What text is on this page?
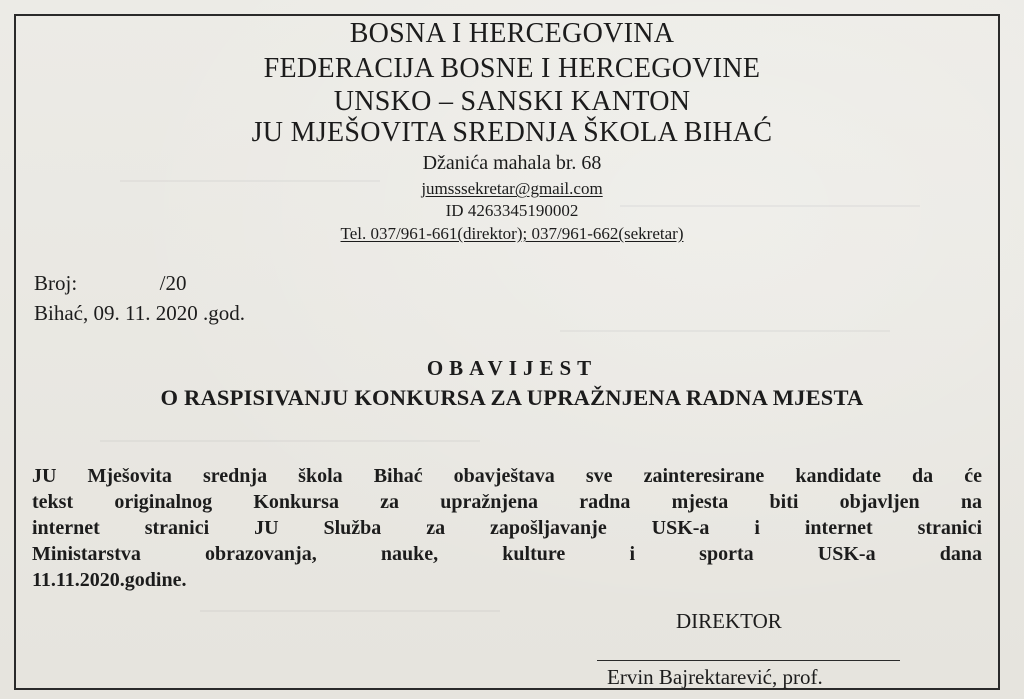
BOSNA I HERCEGOVINA

FEDERACIJA BOSNE I HERCEGOVINE

UNSKO – SANSKI KANTON

JU MJEŠOVITA SREDNJA ŠKOLA BIHAĆ

Džanića mahala br. 68

jumsssekretar@gmail.com

ID 4263345190002

Tel. 037/961-661(direktor); 037/961-662(sekretar)

Broj:	/20
Bihać, 09. 11. 2020 .god.
OBAVIJEST
O RASPISIVANJU KONKURSA ZA UPRAŽNJENA RADNA MJESTA
JU Mješovita srednja škola Bihać obavještava sve zainteresirane kandidate da će
tekst originalnog Konkursa za upražnjena radna mjesta biti objavljen na
internet stranici JU Služba za zapošljavanje USK-a i internet stranici
Ministarstva obrazovanja, nauke, kulture i sporta USK-a dana
11.11.2020.godine.
DIREKTOR
Ervin Bajrektarević, prof.
